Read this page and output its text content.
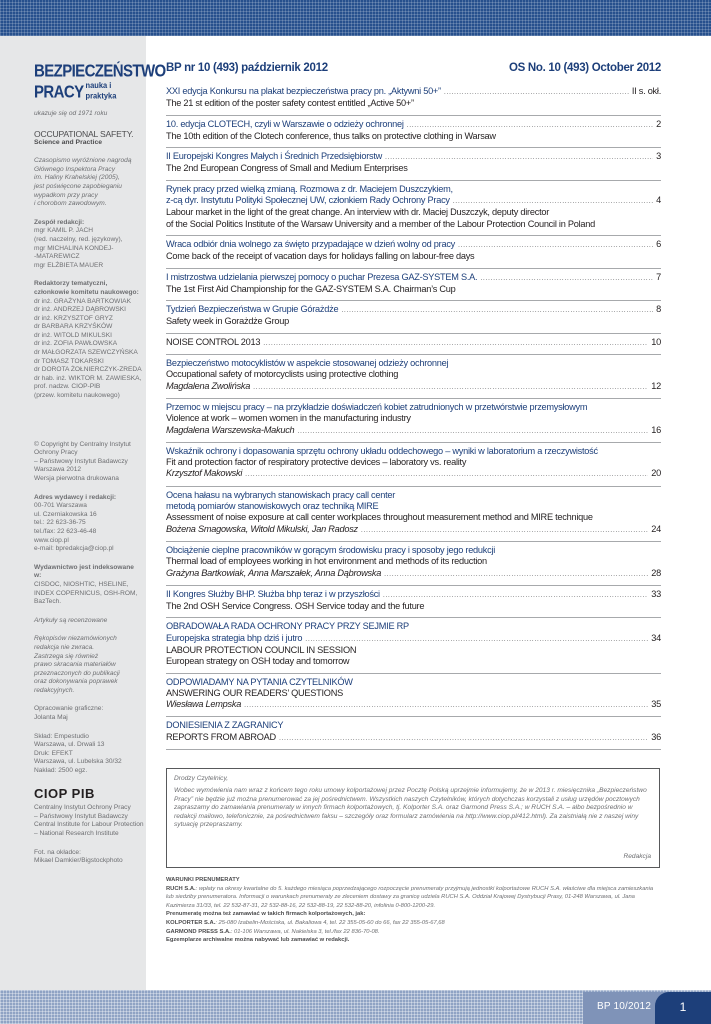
BEZPIECZEŃSTWO
PRACY nauka i praktyka
ukazuje się od 1971 roku
OCCUPATIONAL SAFETY.
Science and Practice
Czasopismo wyróżnione nagrodą
Głównego Inspektora Pracy
im. Haliny Krahelskiej (2005),
jest poświęcone zapobieganiu
wypadkom przy pracy
i chorobom zawodowym.
Zespół redakcji:
mgr KAMIL P. JACH
(red. naczelny, red. językowy),
mgr MICHALINA KONDEJ-
-MATAREWICZ
mgr ELŻBIETA MAUER
Redaktorzy tematyczni,
członkowie komitetu naukowego:
dr inż. GRAŻYNA BARTKOWIAK
dr inż. ANDRZEJ DĄBROWSKI
dr inż. KRZYSZTOF GRYZ
dr BARBARA KRZYŚKÓW
dr inż. WITOLD MIKULSKI
dr inż. ZOFIA PAWŁOWSKA
dr MAŁGORZATA SZEWCZYŃSKA
dr TOMASZ TOKARSKI
dr DOROTA ŻOŁNIERCZYK-ZREDA
dr hab. inż. WIKTOR M. ZAWIESKA,
prof. nadzw. CIOP-PIB
(przew. komitetu naukowego)
© Copyright by Centralny Instytut
Ochrony Pracy
– Państwowy Instytut Badawczy
Warszawa 2012
Wersja pierwotna drukowana
Adres wydawcy i redakcji:
00-701 Warszawa
ul. Czerniakowska 16
tel.: 22 623-36-75
tel./fax: 22 623-46-48
www.ciop.pl
e-mail: bpredakcja@ciop.pl
Wydawnictwo jest indeksowane w:
CISDOC, NIOSHTIC, HSELINE,
INDEX COPERNICUS, OSH-ROM,
BazTech.
Artykuły są recenzowane
Rękopisów niezamówionych
redakcja nie zwraca.
Zastrzega się również
prawo skracania materiałów
przeznaczonych do publikacji
oraz dokonywania poprawek
redakcyjnych.
Opracowanie graficzne:
Jolanta Maj
Skład: Empestudio
Warszawa, ul. Drwali 13
Druk: EFEKT
Warszawa, ul. Lubelska 30/32
Nakład: 2500 egz.
CIOP PIB
Centralny Instytut Ochrony Pracy
– Państwowy Instytut Badawczy
Central Institute for Labour Protection
– National Research Institute
Fot. na okładce:
Mikael Damkier/Bigstockphoto
BP nr 10 (493) październik 2012	OS No. 10 (493) October 2012
XXI edycja Konkursu na plakat bezpieczeństwa pracy pn. „Aktywni 50+” .....	II s. okł.
The 21 st edition of the poster safety contest entitled „Active 50+”
10. edycja CLOTECH, czyli w Warszawie o odzieży ochronnej .....	2
The 10th edition of the Clotech conference, thus talks on protective clothing in Warsaw
II Europejski Kongres Małych i Średnich Przedsiębiorstw .....	3
The 2nd European Congress of Small and Medium Enterprises
Rynek pracy przed wielką zmianą. Rozmowa z dr. Maciejem Duszczykiem,
z-cą dyr. Instytutu Polityki Społecznej UW, członkiem Rady Ochrony Pracy .....	4
Labour market in the light of the great change. An interview with dr. Maciej Duszczyk, deputy director
of the Social Politics Institute of the Warsaw University and a member of the Labour Protection Council in Poland
Wraca odbiór dnia wolnego za święto przypadające w dzień wolny od pracy .....	6
Come back of the receipt of vacation days for holidays falling on labour-free days
I mistrzostwa udzielania pierwszej pomocy o puchar Prezesa GAZ-SYSTEM S.A. .....	7
The 1st First Aid Championship for the GAZ-SYSTEM S.A. Chairman’s Cup
Tydzień Bezpieczeństwa w Grupie Górażdże .....	8
Safety week in Gorażdże Group
NOISE CONTROL 2013 .....	10
Bezpieczeństwo motocyklistów w aspekcie stosowanej odzieży ochronnej
Occupational safety of motorcyclists using protective clothing
Magdalena Zwolińska .....	12
Przemoc w miejscu pracy – na przykładzie doświadczeń kobiet zatrudnionych w przetwórstwie przemysłowym
Violence at work – women women in the manufacturing industry
Magdalena Warszewska-Makuch .....	16
Wskaźnik ochrony i dopasowania sprzętu ochrony układu oddechowego – wyniki w laboratorium a rzeczywistość
Fit and protection factor of respiratory protective devices – laboratory vs. reality
Krzysztof Makowski .....	20
Ocena hałasu na wybranych stanowiskach pracy call center
metodą pomiarów stanowiskowych oraz techniką MIRE
Assessment of noise exposure at call center workplaces throughout measurement method and MIRE technique
Bożena Smagowska, Witold Mikulski, Jan Radosz .....	24
Obciążenie cieplne pracowników w gorącym środowisku pracy i sposoby jego redukcji
Thermal load of employees working in hot environment and methods of its reduction
Grażyna Bartkowiak, Anna Marszałek, Anna Dąbrowska .....	28
II Kongres Służby BHP. Służba bhp teraz i w przyszłości .....	33
The 2nd OSH Service Congress. OSH Service today and the future
OBRADOWAŁA RADA OCHRONY PRACY PRZY SEJMIE RP
Europejska strategia bhp dziś i jutro .....	34
LABOUR PROTECTION COUNCIL IN SESSION
European strategy on OSH today and tomorrow
ODPOWIADAMY NA PYTANIA CZYTELNIKÓW
ANSWERING OUR READERS’ QUESTIONS
Wiesława Lempska .....	35
DONIESIENIA Z ZAGRANICY
REPORTS FROM ABROAD .....	36
Drodzy Czytelnicy,
Wobec wymówienia nam wraz z końcem tego roku umowy kolportażowej przez Pocztę Polską uprzejmie informujemy, że w 2013 r. miesięcznika „Bezpieczeństwo Pracy” nie będzie już można prenumerować za jej pośrednictwem. Wszystkich naszych Czytelników, których dotychczas korzystali z usług urzędów pocztowych zapraszamy do zamawiania prenumeraty w innych firmach kolportażowych, tj. Kolporter S.A. oraz Garmond Press S.A.; w RUCH S.A. – albo bezpośrednio w redakcji mailowo, telefonicznie, za pośrednictwem faksu – szczegóły oraz formularz zamówienia na http://www.ciop.pl/412.html). Za zaistniałą nie z naszej winy sytuację przepraszamy.
Redakcja
WARUNKI PRENUMERATY
RUCH S.A.: wpłaty na okresy kwartalne do 5. każdego miesiąca poprzedzającego rozpoczęcie prenumeraty przyjmują jednostki kolportażowe RUCH S.A. właściwe dla miejsca zamieszkania lub siedziby prenumeratora. Informacji o warunkach prenumeraty ze zleceniem dostawy za granicę udziela RUCH S.A. Oddział Krajowej Dystrybucji Prasy, 01-248 Warszawa, ul. Jana Kazimierza 31/33, tel. 22 532-87-31, 22 532-88-16, 22 532-88-19, 22 532-88-20, infolinia 0-800-1200-29.
Prenumeratę można też zamawiać w takich firmach kolportażowych, jak:
KOLPORTER S.A.: 25-080 Izabelin-Mościska, ul. Bakaliowa 4, tel. 22 355-05-60 do 66, fax 22 355-05-67,68
GARMOND PRESS S.A.: 01-106 Warszawa, ul. Nakielska 3, tel./fax 22 836-70-08.
Egzemplarze archiwalne można nabywać lub zamawiać w redakcji.
BP 10/2012	1
